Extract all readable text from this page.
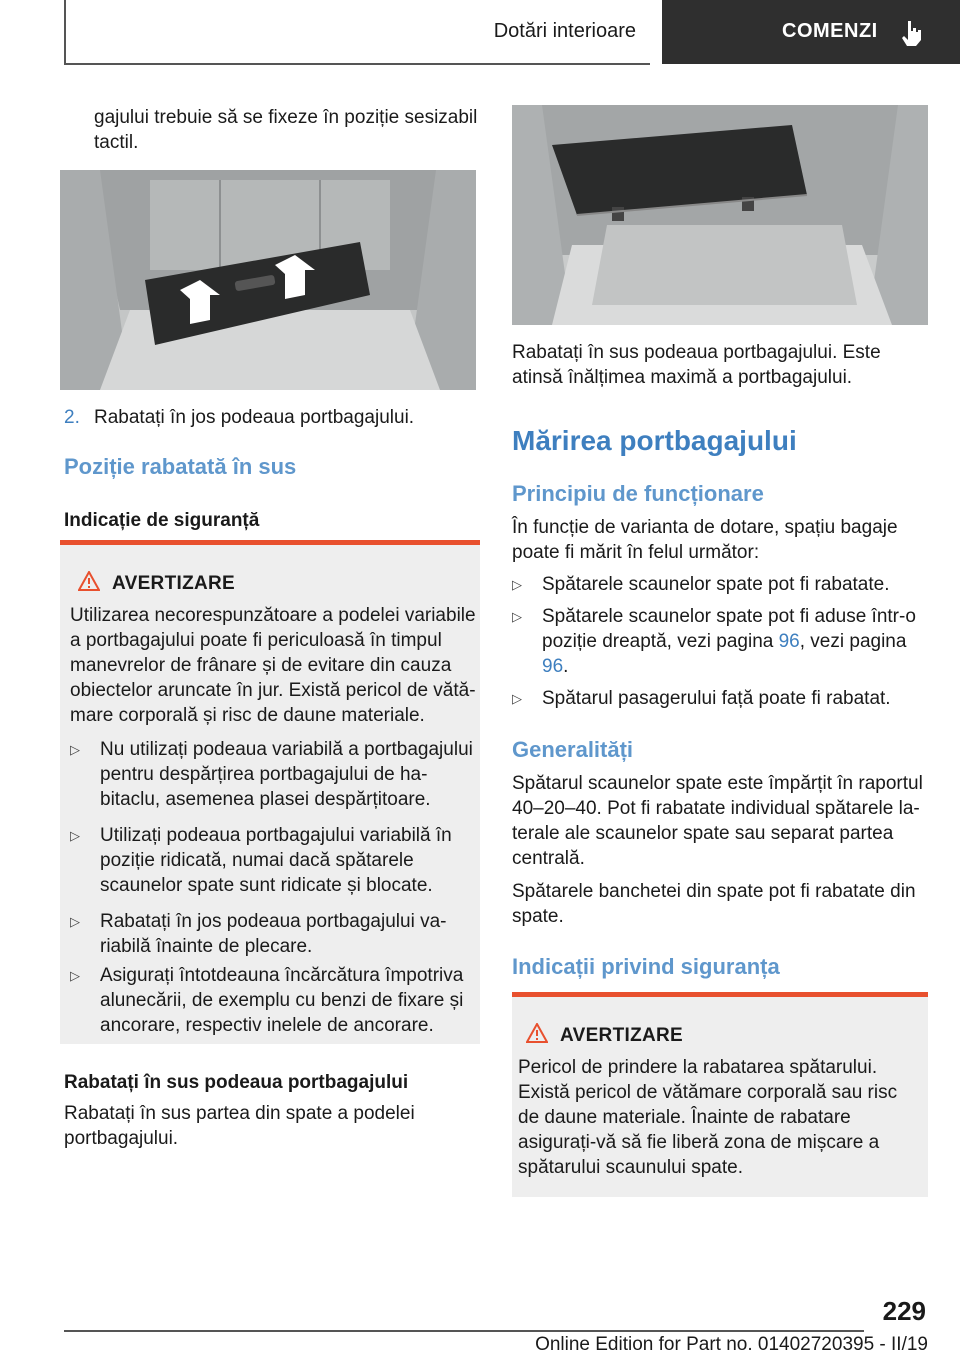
Dotări interioare	COMENZI
gajului trebuie să se fixeze în poziție sesizabil tactil.
2. Rabatați în jos podeaua portbagajului.
Poziție rabatată în sus
Indicație de siguranță
AVERTIZARE
Utilizarea necorespunzătoare a podelei variabile a portbagajului poate fi periculoasă în timpul manevrelor de frânare și de evitare din cauza obiectelor aruncate în jur. Există pericol de vătămare corporală și risc de daune materiale.
▷	Nu utilizați podeaua variabilă a portbagajului pentru despărțirea portbagajului de habitaclu, asemenea plasei despărțitoare.
▷	Utilizați podeaua portbagajului variabilă în poziție ridicată, numai dacă spătarele scaunelor spate sunt ridicate și blocate.
▷	Rabatați în jos podeaua portbagajului variabilă înainte de plecare.
▷	Asigurați întotdeauna încărcătura împotriva alunecării, de exemplu cu benzi de fixare și ancorare, respectiv inelele de ancorare.
Rabatați în sus podeaua portbagajului
Rabatați în sus partea din spate a podelei portbagajului.
Rabatați în sus podeaua portbagajului. Este atinsă înălțimea maximă a portbagajului.
Mărirea portbagajului
Principiu de funcționare
În funcție de varianta de dotare, spațiu bagaje poate fi mărit în felul următor:
▷	Spătarele scaunelor spate pot fi rabatate.
▷	Spătarele scaunelor spate pot fi aduse într-o poziție dreaptă, vezi pagina 96, vezi pagina 96.
▷	Spătarul pasagerului față poate fi rabatat.
Generalități
Spătarul scaunelor spate este împărțit în raportul 40–20–40. Pot fi rabatate individual spătarele laterale ale scaunelor spate sau separat partea centrală.
Spătarele banchetei din spate pot fi rabatate din spate.
Indicații privind siguranța
AVERTIZARE
Pericol de prindere la rabatarea spătarului. Există pericol de vătămare corporală sau risc de daune materiale. Înainte de rabatare asigurați-vă să fie liberă zona de mișcare a spătarului scaunului spate.
229
Online Edition for Part no. 01402720395 - II/19
